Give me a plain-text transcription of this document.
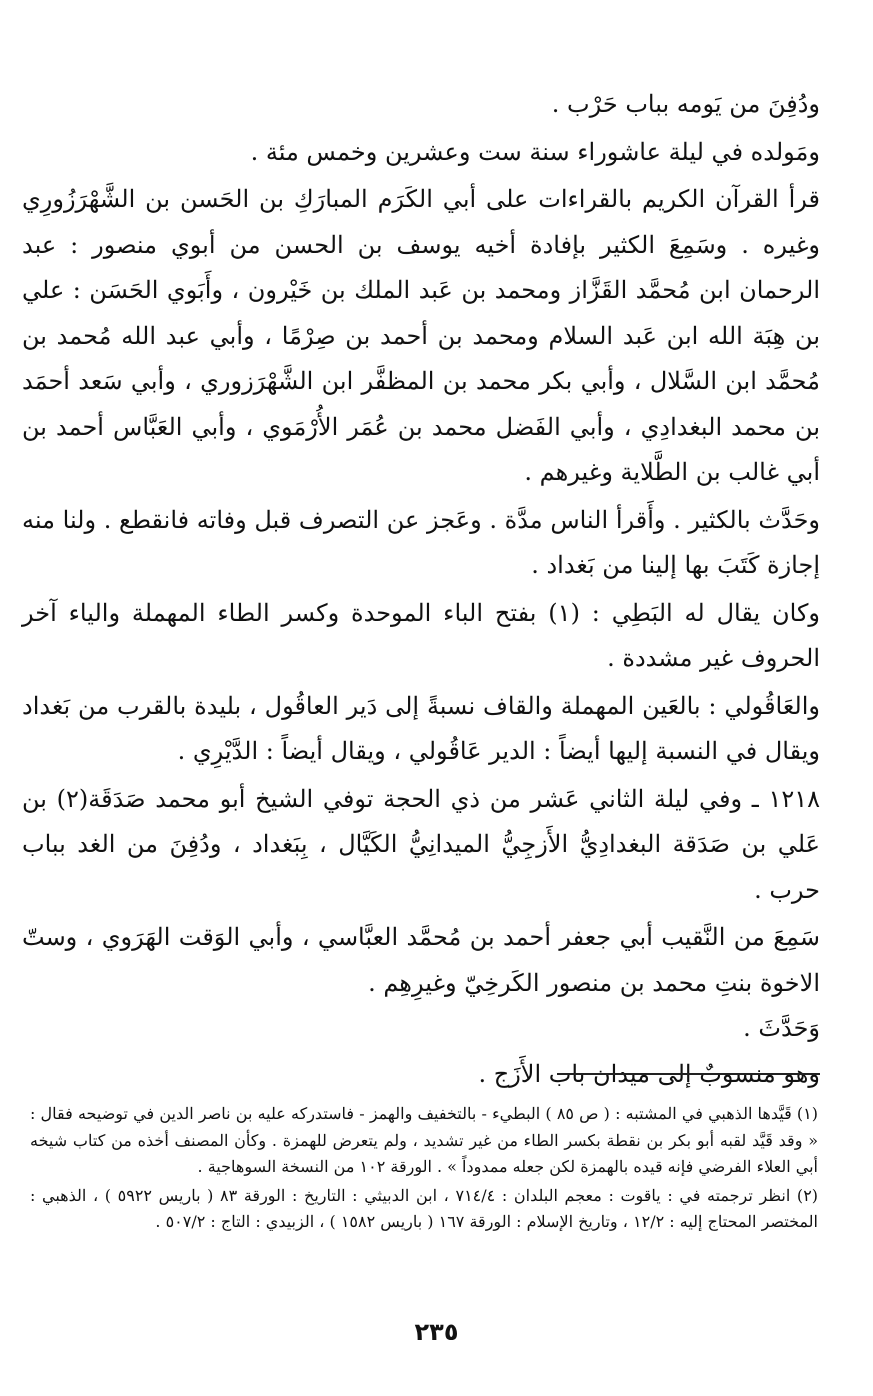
ودُفِنَ من يَومه بباب حَرْب .

ومَولده في ليلة عاشوراء سنة ست وعشرين وخمس مئة .

قرأ القرآن الكريم بالقراءات على أبي الكَرَم المبارَكِ بن الحَسن بن الشَّهْرَزُورِي وغيره . وسَمِعَ الكثير بإفادة أخيه يوسف بن الحسن من أبوي منصور : عبد الرحمان ابن مُحمَّد القَزَّاز ومحمد بن عَبد الملك بن خَيْرون ، وأَبَوي الحَسَن : علي بن هِبَة الله ابن عَبد السلام ومحمد بن أحمد بن صِرْمًا ، وأبي عبد الله مُحمد بن مُحمَّد ابن السَّلال ، وأبي بكر محمد بن المظفَّر ابن الشَّهْرَزوري ، وأبي سَعد أحمَد بن محمد البغدادِي ، وأبي الفَضل محمد بن عُمَر الأُرْمَوي ، وأبي العَبَّاس أحمد بن أبي غالب بن الطَّلاية وغيرهم .

وحَدَّث بالكثير . وأَقرأ الناس مدَّة . وعَجز عن التصرف قبل وفاته فانقطع . ولنا منه إجازة كَتَبَ بها إلينا من بَغداد .

وكان يقال له البَطِي : (١) بفتح الباء الموحدة وكسر الطاء المهملة والياء آخر الحروف غير مشددة .

والعَاقُولي : بالعَين المهملة والقاف نسبةً إلى دَير العاقُول ، بليدة بالقرب من بَغداد ويقال في النسبة إليها أيضاً : الدير عَاقُولي ، ويقال أيضاً : الدَّيْرِي .

١٢١٨ ـ وفي ليلة الثاني عَشر من ذي الحجة توفي الشيخ أبو محمد صَدَقَة(٢) بن عَلي بن صَدَقة البغدادِيُّ الأَزجِيُّ الميدانِيُّ الكَيَّال ، بِبَغداد ، ودُفِنَ من الغد بباب حرب .

سَمِعَ من النَّقيب أبي جعفر أحمد بن مُحمَّد العبَّاسي ، وأبي الوَقت الهَرَوي ، وستّ الاخوة بنتِ محمد بن منصور الكَرخِيّ وغيرِهِم .

وَحَدَّثَ .

وهو منسوبٌ إلى ميدان باب الأَزَج .

(١) قَيَّدها الذهبي في المشتبه : ( ص ٨٥ ) البطيء - بالتخفيف والهمز - فاستدركه عليه بن ناصر الدين في توضيحه فقال : « وقد قَيَّد لقبه أبو بكر بن نقطة بكسر الطاء من غير تشديد ، ولم يتعرض للهمزة . وكأن المصنف أخذه من كتاب شيخه أبي العلاء الفرضي فإنه قيده بالهمزة لكن جعله ممدوداً » . الورقة ١٠٢ من النسخة السوهاجية .

(٢) انظر ترجمته في : ياقوت : معجم البلدان : ٧١٤/٤ ، ابن الدبيثي : التاريخ : الورقة ٨٣ ( باريس ٥٩٢٢ ) ، الذهبي : المختصر المحتاج إليه : ١٢/٢ ، وتاريخ الإسلام : الورقة ١٦٧ ( باريس ١٥٨٢ ) ، الزبيدي : التاج : ٥٠٧/٢ .

٢٣٥
